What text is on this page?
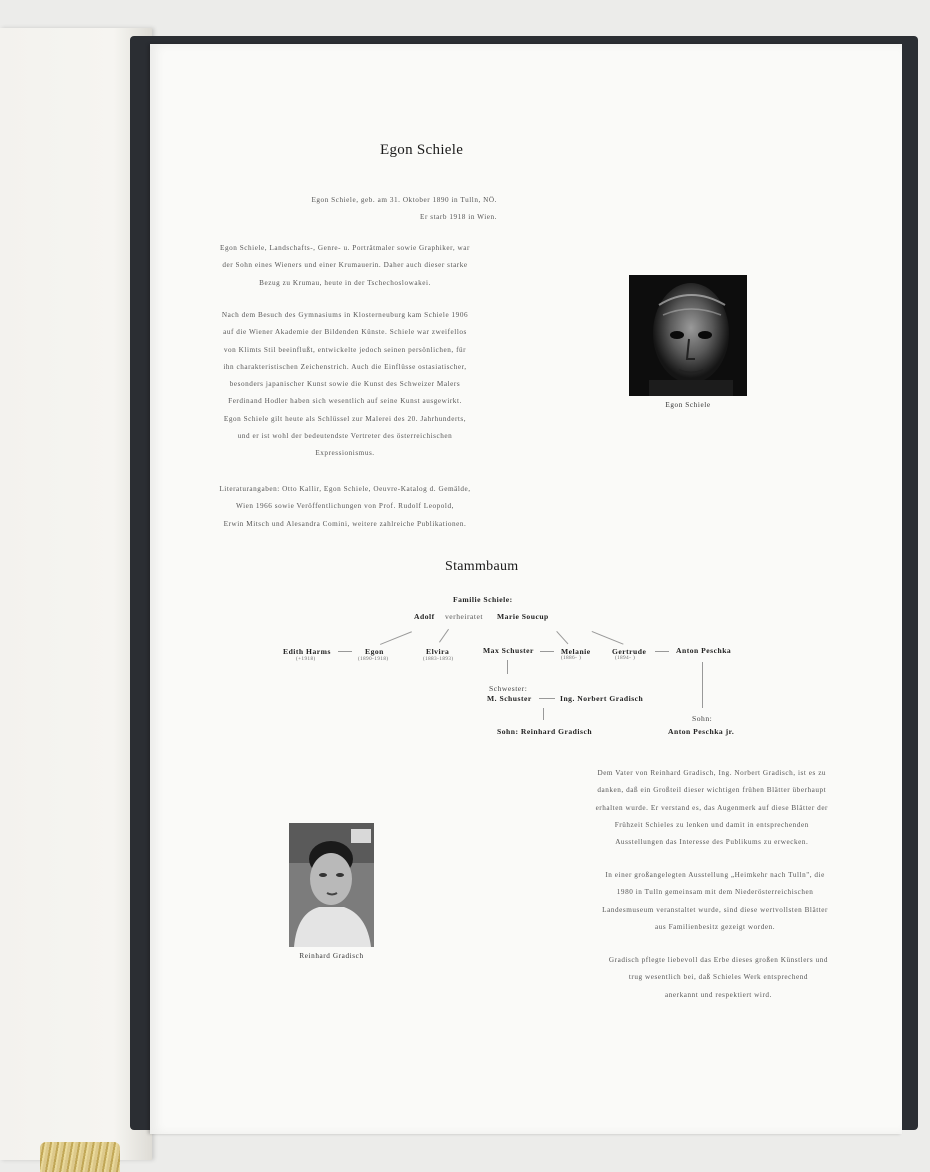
Egon Schiele
Egon Schiele, geb. am 31. Oktober 1890 in Tulln, NÖ.
Er starb 1918 in Wien.
Egon Schiele, Landschafts-, Genre- u. Porträtmaler sowie Graphiker, war
der Sohn eines Wieners und einer Krumauerin. Daher auch dieser starke
Bezug zu Krumau, heute in der Tschechoslowakei.
Nach dem Besuch des Gymnasiums in Klosterneuburg kam Schiele 1906
auf die Wiener Akademie der Bildenden Künste. Schiele war zweifellos
von Klimts Stil beeinflußt, entwickelte jedoch seinen persönlichen, für
ihn charakteristischen Zeichenstrich. Auch die Einflüsse ostasiatischer,
besonders japanischer Kunst sowie die Kunst des Schweizer Malers
Ferdinand Hodler haben sich wesentlich auf seine Kunst ausgewirkt.
Egon Schiele gilt heute als Schlüssel zur Malerei des 20. Jahrhunderts,
und er ist wohl der bedeutendste Vertreter des österreichischen
Expressionismus.
Literaturangaben: Otto Kallir, Egon Schiele, Oeuvre-Katalog d. Gemälde,
Wien 1966 sowie Veröffentlichungen von Prof. Rudolf Leopold,
Erwin Mitsch und Alesandra Comini, weitere zahlreiche Publikationen.
Egon Schiele
Stammbaum
Familie Schiele:
Adolf verheiratet Marie Soucup
Edith Harms
(+1918)
Egon
(1890-1918)
Elvira
(1883-1893)
Max Schuster	Melanie
(1886- )
Gertrude
(1894- )
Anton Peschka
Schwester:
M. Schuster	Ing. Norbert Gradisch
Sohn: Reinhard Gradisch
Sohn:
Anton Peschka jr.
Dem Vater von Reinhard Gradisch, Ing. Norbert Gradisch, ist es zu
danken, daß ein Großteil dieser wichtigen frühen Blätter überhaupt
erhalten wurde. Er verstand es, das Augenmerk auf diese Blätter der
Frühzeit Schieles zu lenken und damit in entsprechenden
Ausstellungen das Interesse des Publikums zu erwecken.
In einer großangelegten Ausstellung „Heimkehr nach Tulln", die
1980 in Tulln gemeinsam mit dem Niederösterreichischen
Landesmuseum veranstaltet wurde, sind diese wertvollsten Blätter
aus Familienbesitz gezeigt worden.
Gradisch pflegte liebevoll das Erbe dieses großen Künstlers und
trug wesentlich bei, daß Schieles Werk entsprechend
anerkannt und respektiert wird.
Reinhard Gradisch
